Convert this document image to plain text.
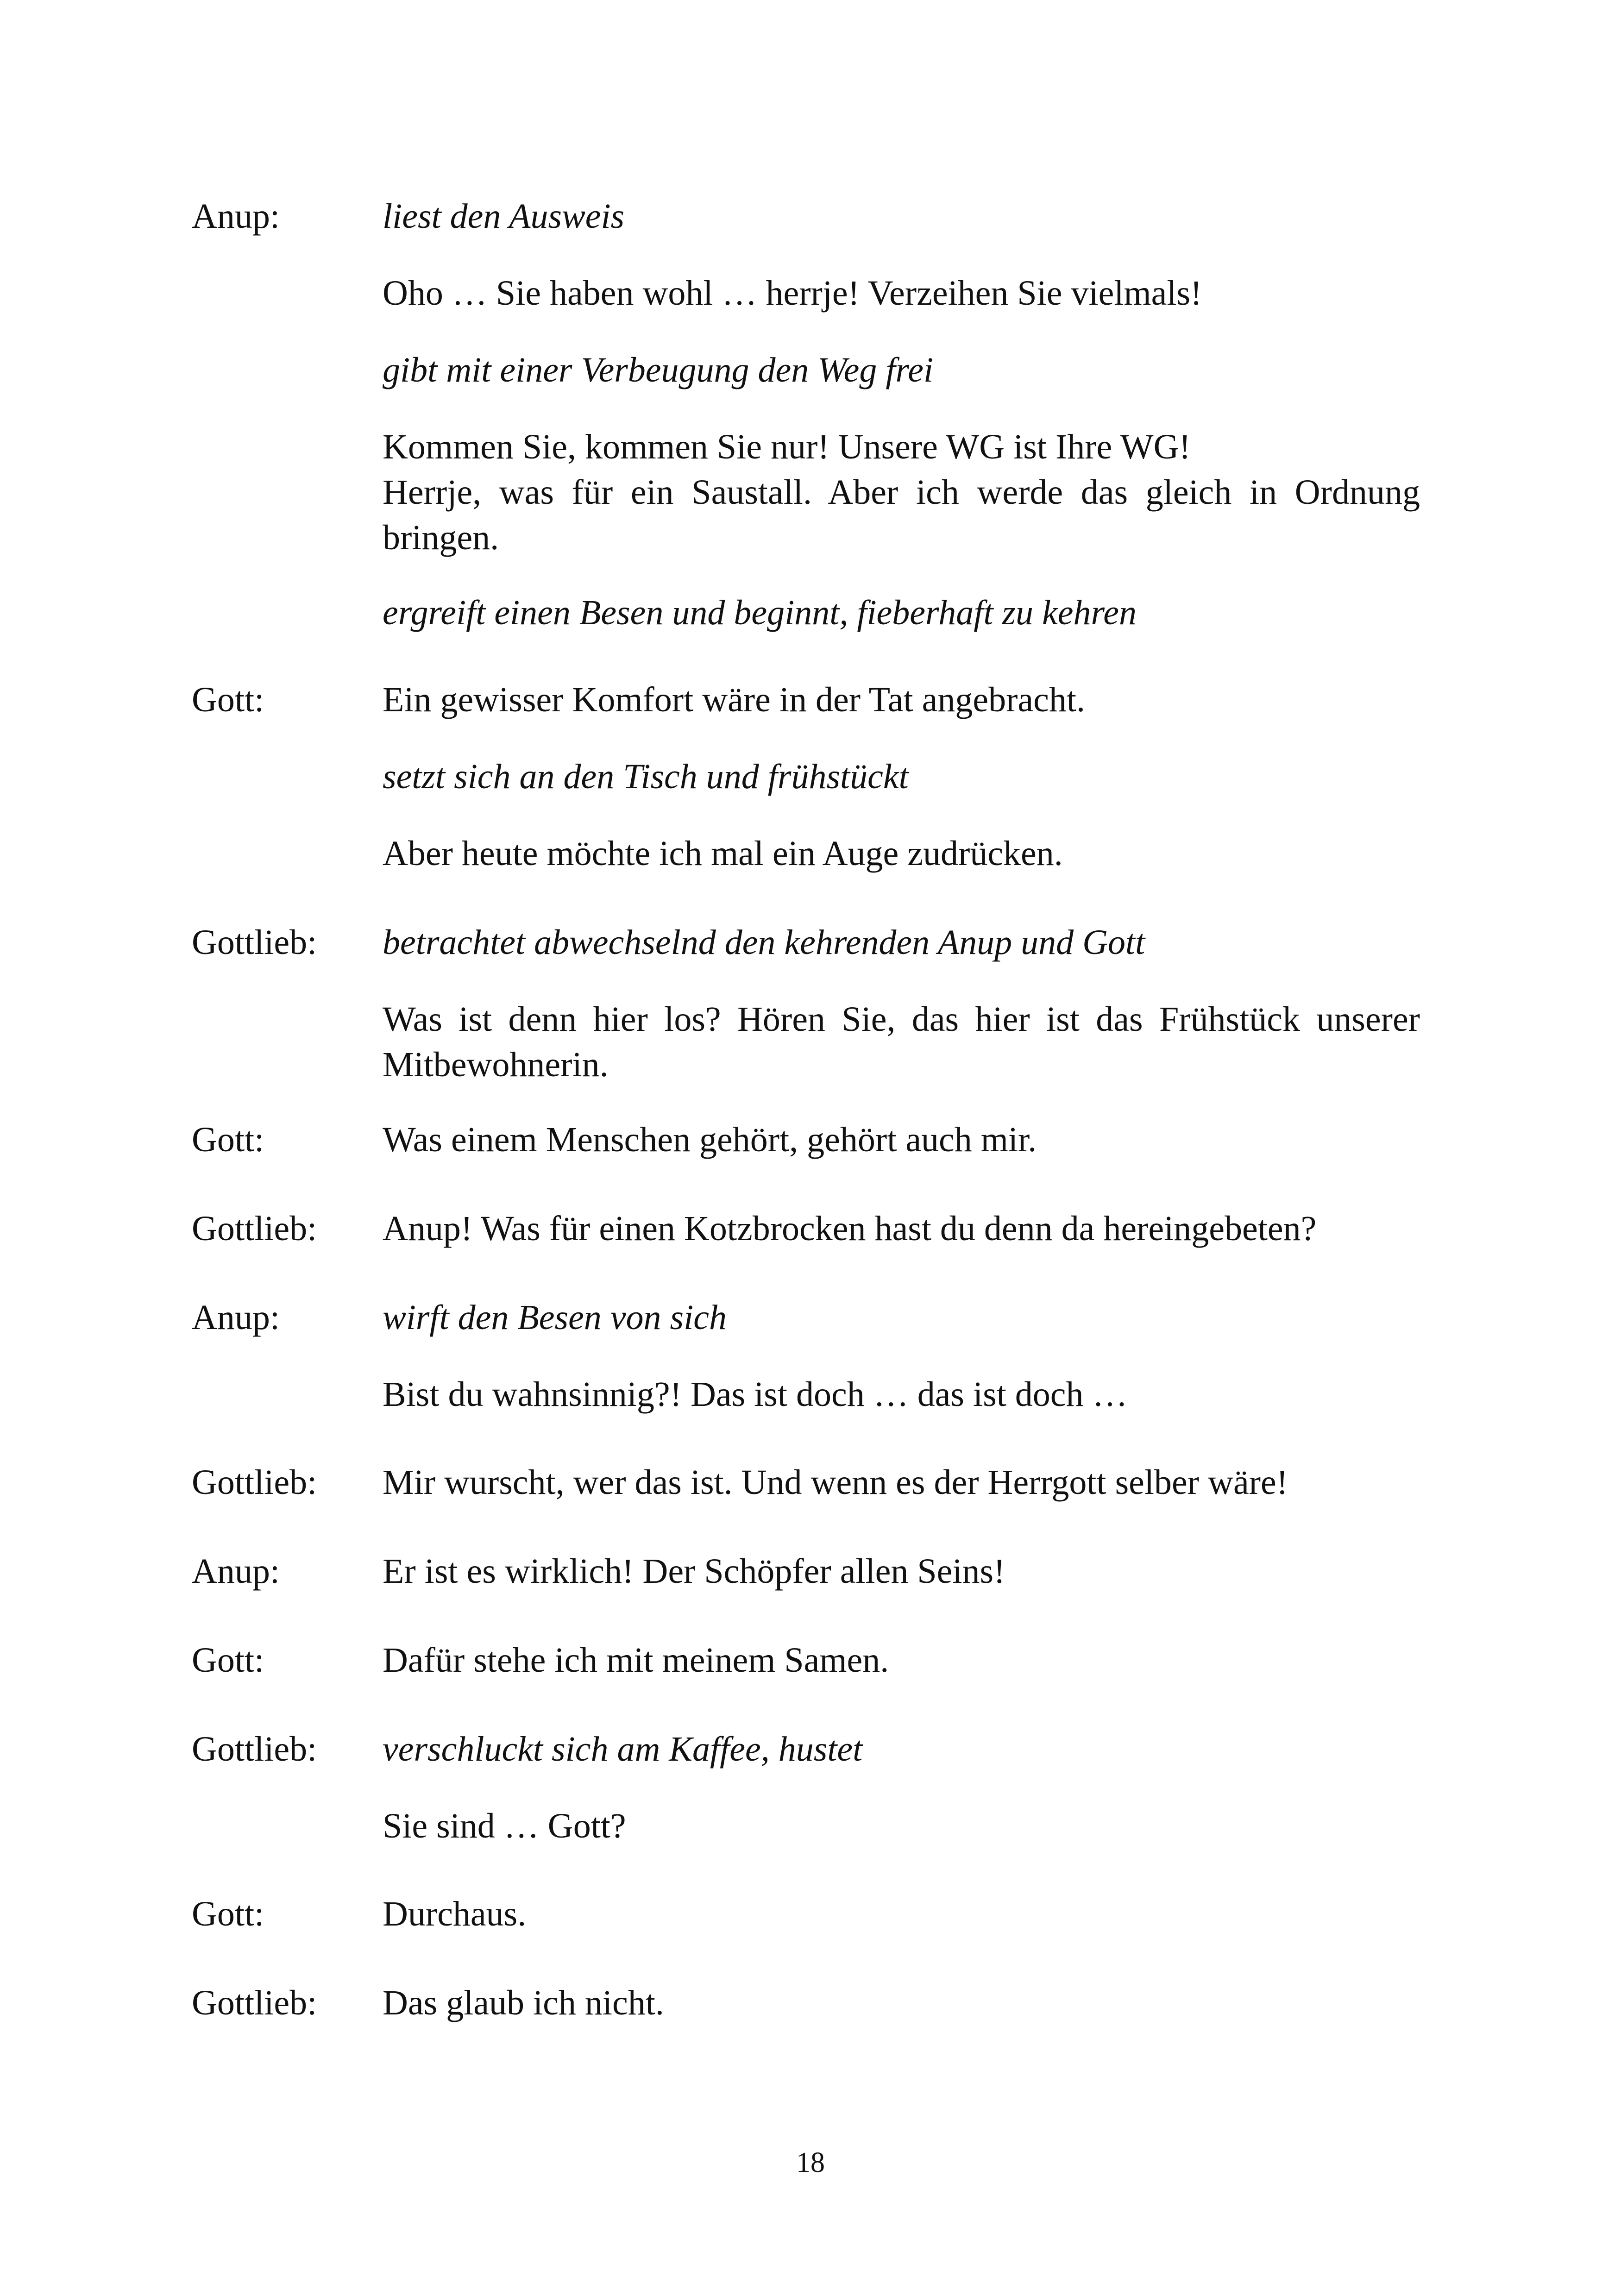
Anup:	liest den Ausweis
Oho … Sie haben wohl … herrje! Verzeihen Sie vielmals!
gibt mit einer Verbeugung den Weg frei
Kommen Sie, kommen Sie nur! Unsere WG ist Ihre WG!
Herrje, was für ein Saustall. Aber ich werde das gleich in Ordnung bringen.
ergreift einen Besen und beginnt, fieberhaft zu kehren
Gott:	Ein gewisser Komfort wäre in der Tat angebracht.
setzt sich an den Tisch und frühstückt
Aber heute möchte ich mal ein Auge zudrücken.
Gottlieb: betrachtet abwechselnd den kehrenden Anup und Gott
Was ist denn hier los? Hören Sie, das hier ist das Frühstück unserer Mitbewohnerin.
Gott:	Was einem Menschen gehört, gehört auch mir.
Gottlieb: Anup! Was für einen Kotzbrocken hast du denn da hereingebeten?
Anup:	wirft den Besen von sich
Bist du wahnsinnig?! Das ist doch … das ist doch …
Gottlieb: Mir wurscht, wer das ist. Und wenn es der Herrgott selber wäre!
Anup:	Er ist es wirklich! Der Schöpfer allen Seins!
Gott:	Dafür stehe ich mit meinem Samen.
Gottlieb: verschluckt sich am Kaffee, hustet
Sie sind … Gott?
Gott:	Durchaus.
Gottlieb: Das glaub ich nicht.
18
